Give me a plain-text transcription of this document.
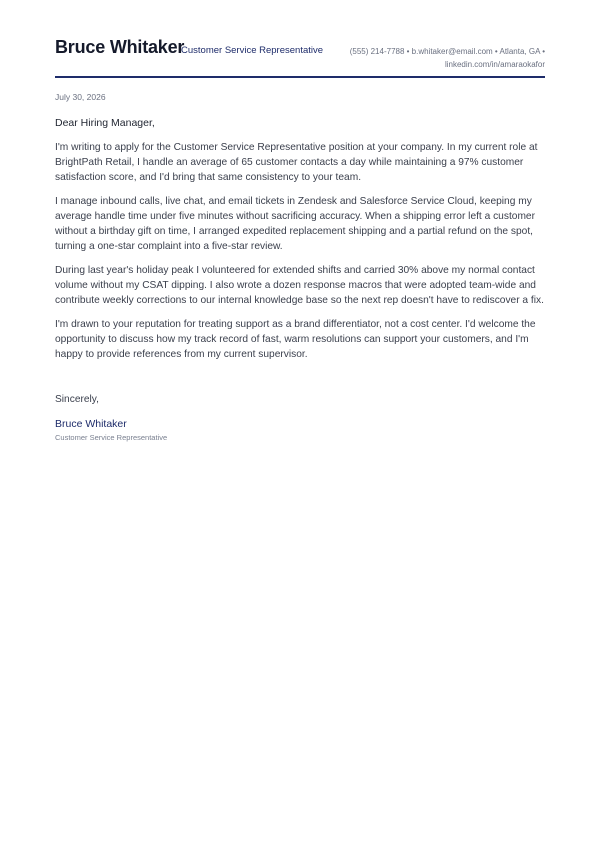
Bruce Whitaker
Customer Service Representative	(555) 214-7788 • b.whitaker@email.com • Atlanta, GA •
linkedin.com/in/amaraokafor
July 30, 2026
Dear Hiring Manager,

I'm writing to apply for the Customer Service Representative position at your company. In my current role at BrightPath Retail, I handle an average of 65 customer contacts a day while maintaining a 97% customer satisfaction score, and I'd bring that same consistency to your team.

I manage inbound calls, live chat, and email tickets in Zendesk and Salesforce Service Cloud, keeping my average handle time under five minutes without sacrificing accuracy. When a shipping error left a customer without a birthday gift on time, I arranged expedited replacement shipping and a partial refund on the spot, turning a one-star complaint into a five-star review.

During last year's holiday peak I volunteered for extended shifts and carried 30% above my normal contact volume without my CSAT dipping. I also wrote a dozen response macros that were adopted team-wide and contribute weekly corrections to our internal knowledge base so the next rep doesn't have to rediscover a fix.

I'm drawn to your reputation for treating support as a brand differentiator, not a cost center. I'd welcome the opportunity to discuss how my track record of fast, warm resolutions can support your customers, and I'm happy to provide references from my current supervisor.

Sincerely,
Bruce Whitaker
Customer Service Representative
